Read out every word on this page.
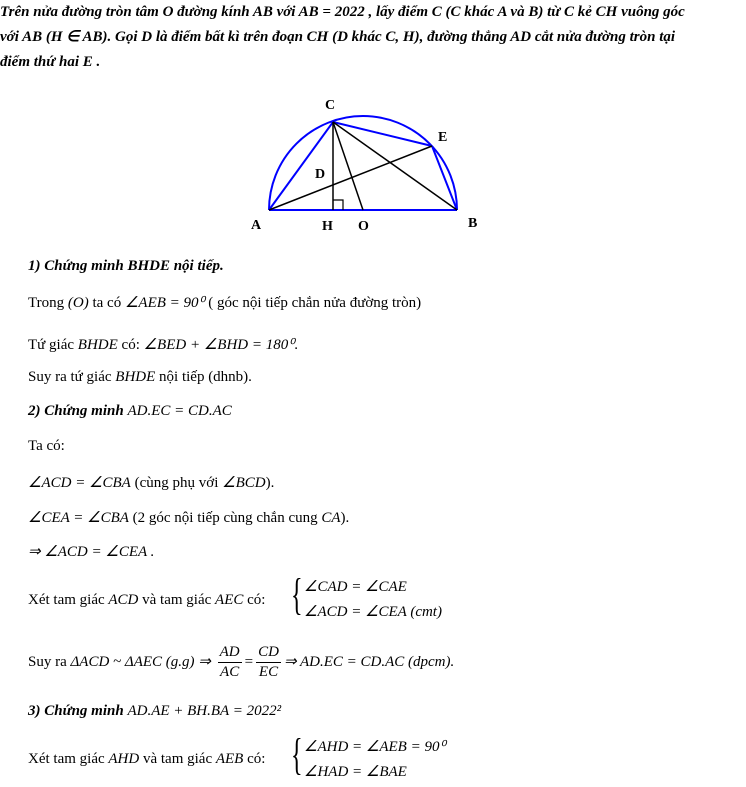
Trên nửa đường tròn tâm O đường kính AB với AB = 2022 , lấy điểm C (C khác A và B) từ C kẻ CH vuông góc với AB (H ∈ AB). Gọi D là điểm bất kì trên đoạn CH (D khác C, H), đường thẳng AD cắt nửa đường tròn tại điểm thứ hai E .
C
E
D
A	H O	B
1) Chứng minh BHDE nội tiếp.
Trong (O) ta có ∠AEB = 90⁰ ( góc nội tiếp chắn nửa đường tròn)
Tứ giác BHDE có: ∠BED + ∠BHD = 180⁰.
Suy ra tứ giác BHDE nội tiếp (dhnb).
2) Chứng minh AD.EC = CD.AC
Ta có:
∠ACD = ∠CBA (cùng phụ với ∠BCD).
∠CEA = ∠CBA (2 góc nội tiếp cùng chắn cung CA).
⇒ ∠ACD = ∠CEA .
Xét tam giác ACD và tam giác AEC có: { ∠CAD = ∠CAE
∠ACD = ∠CEA (cmt)
Suy ra ΔACD ~ ΔAEC (g.g) ⇒ $\frac{AD}{AC} = \frac{CD}{EC}$ ⇒ AD.EC = CD.AC (dpcm).
3) Chứng minh AD.AE + BH.BA = 2022²
Xét tam giác AHD và tam giác AEB có: { ∠AHD = ∠AEB = 90⁰
∠HAD = ∠BAE
